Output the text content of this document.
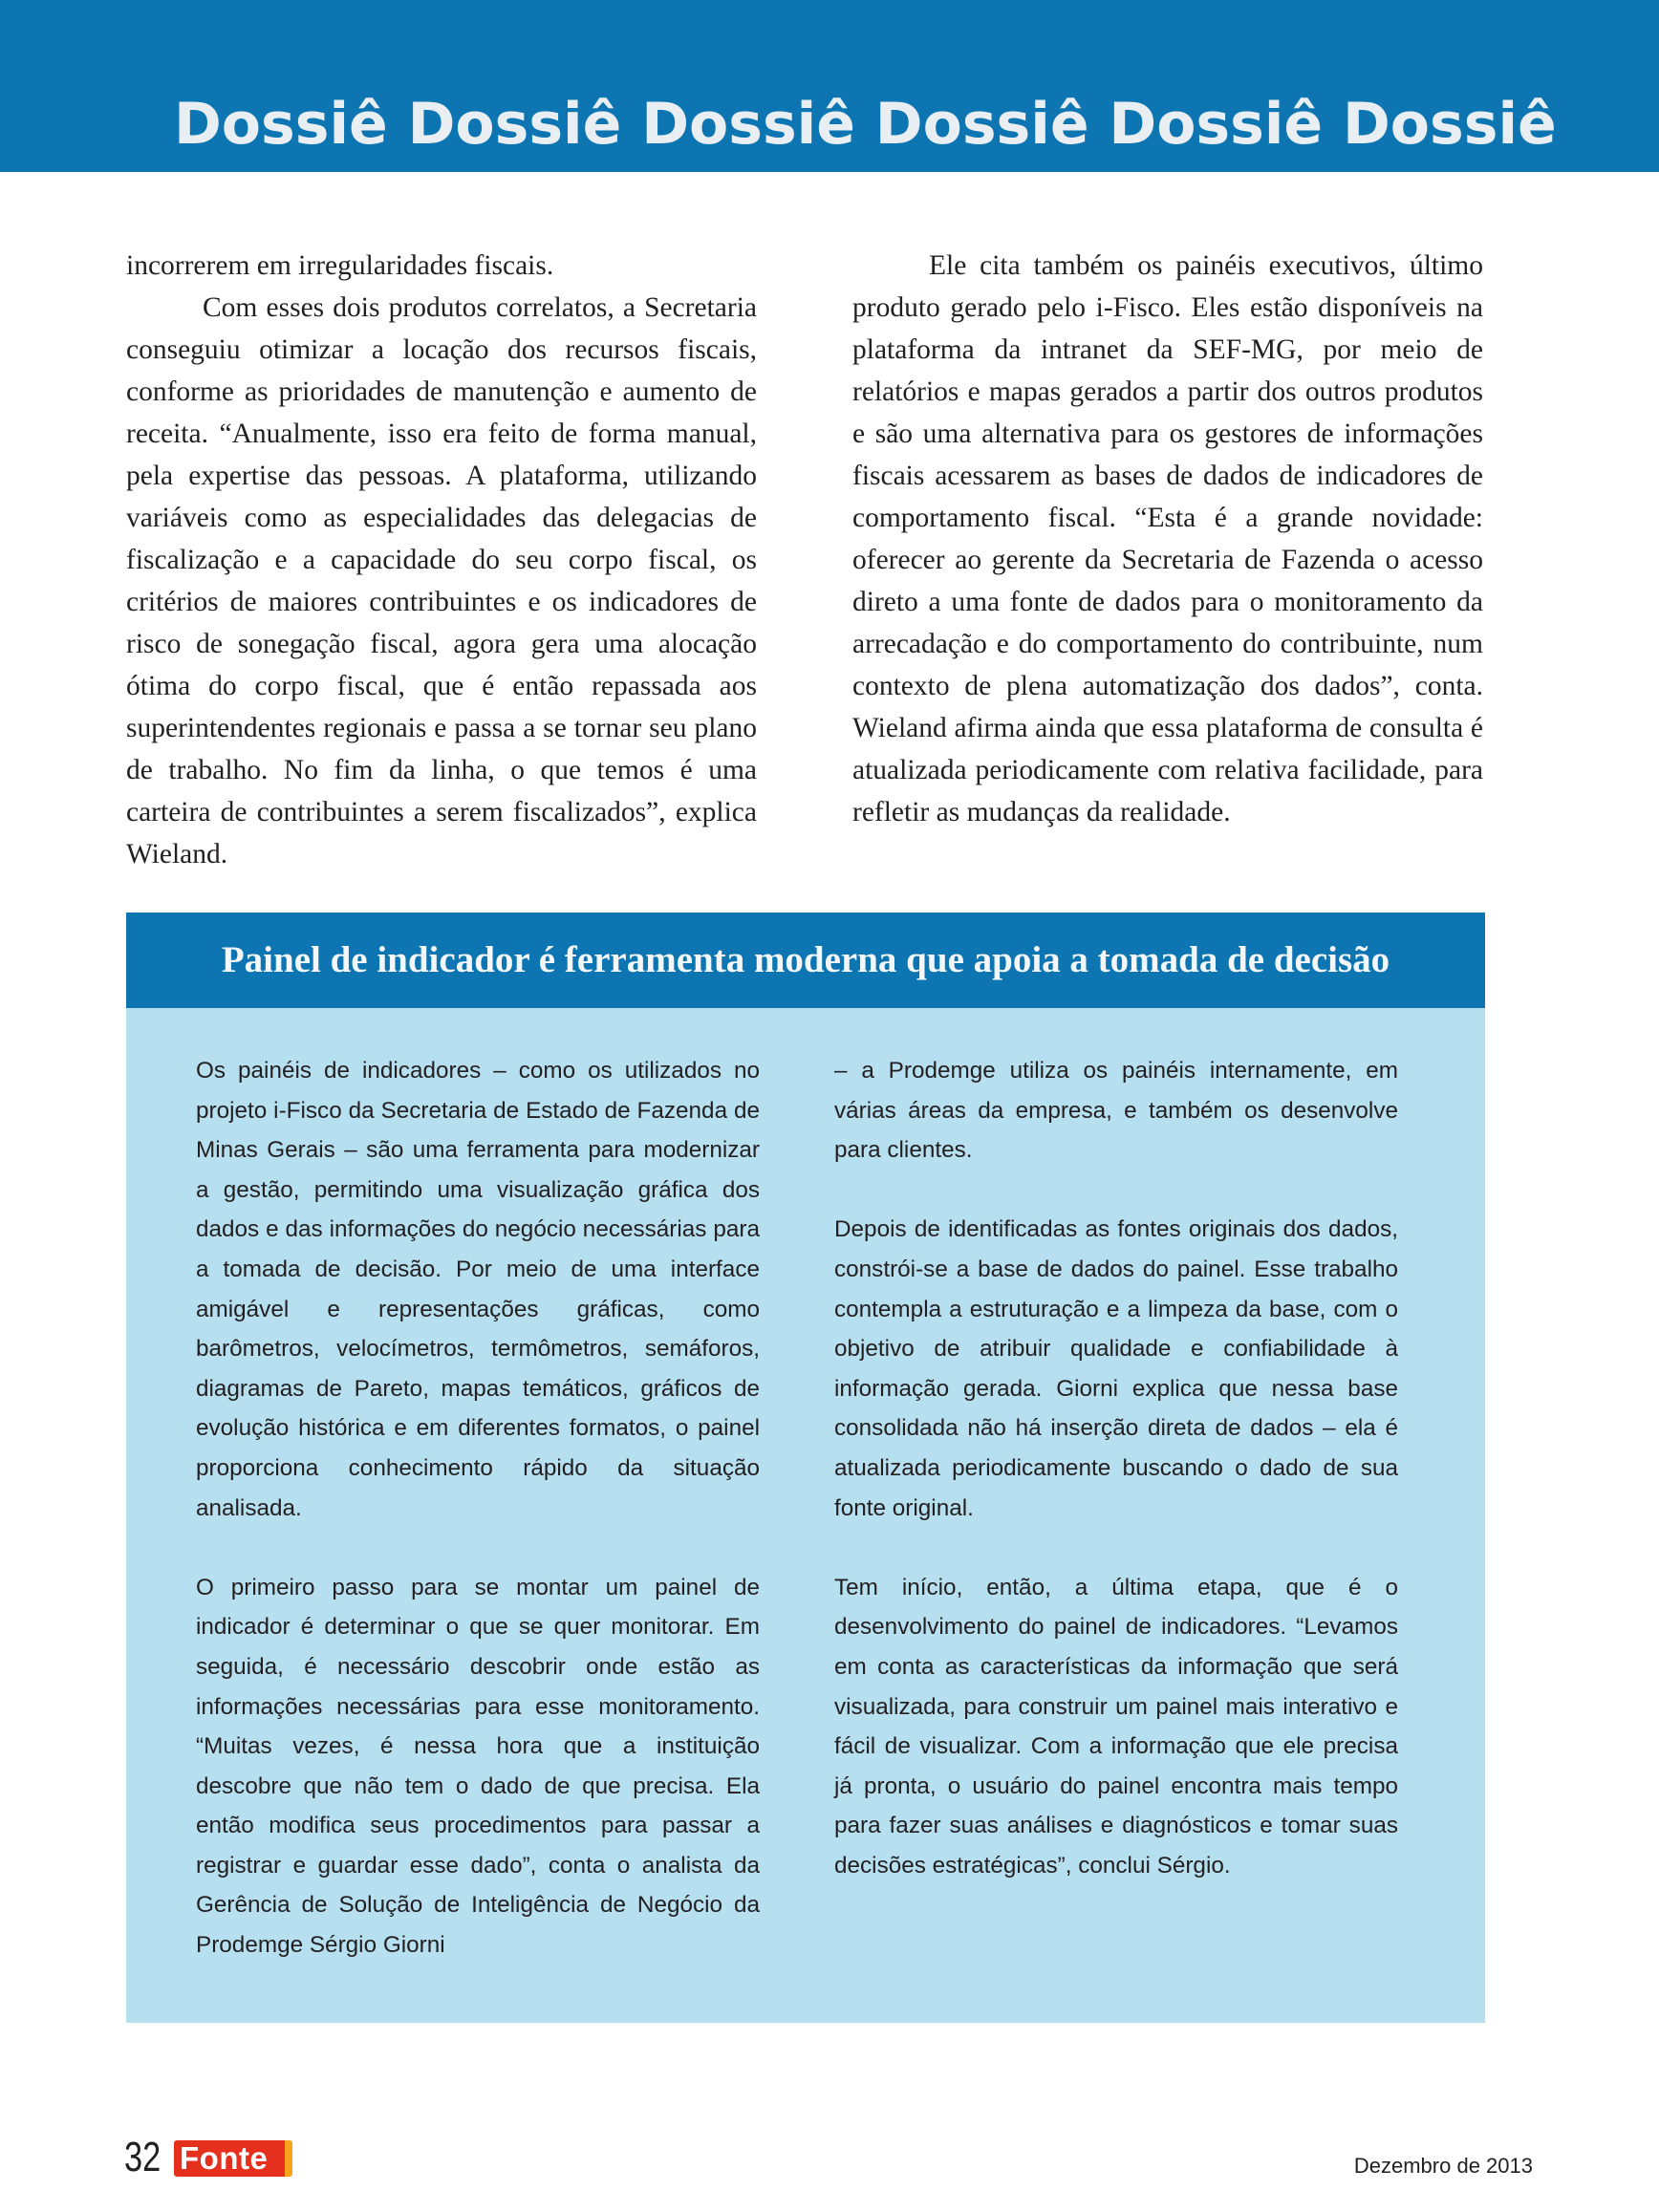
Dossiê Dossiê Dossiê Dossiê Dossiê Dossiê

incorrerem em irregularidades fiscais.

Com esses dois produtos correlatos, a Secretaria conseguiu otimizar a locação dos recursos fiscais, conforme as prioridades de manutenção e aumento de receita. “Anualmente, isso era feito de forma manual, pela expertise das pessoas. A plataforma, utilizando variáveis como as especialidades das delegacias de fiscalização e a capacidade do seu corpo fiscal, os critérios de maiores contribuintes e os indicadores de risco de sonegação fiscal, agora gera uma alocação ótima do corpo fiscal, que é então repassada aos superintendentes regionais e passa a se tornar seu plano de trabalho. No fim da linha, o que temos é uma carteira de contribuintes a serem fiscalizados”, explica Wieland.

Ele cita também os painéis executivos, último produto gerado pelo i-Fisco. Eles estão disponíveis na plataforma da intranet da SEF-MG, por meio de relatórios e mapas gerados a partir dos outros produtos e são uma alternativa para os gestores de informações fiscais acessarem as bases de dados de indicadores de comportamento fiscal. “Esta é a grande novidade: oferecer ao gerente da Secretaria de Fazenda o acesso direto a uma fonte de dados para o monitoramento da arrecadação e do comportamento do contribuinte, num contexto de plena automatização dos dados”, conta. Wieland afirma ainda que essa plataforma de consulta é atualizada periodicamente com relativa facilidade, para refletir as mudanças da realidade.

Painel de indicador é ferramenta moderna que apoia a tomada de decisão

Os painéis de indicadores – como os utilizados no projeto i-Fisco da Secretaria de Estado de Fazenda de Minas Gerais – são uma ferramenta para modernizar a gestão, permitindo uma visualização gráfica dos dados e das informações do negócio necessárias para a tomada de decisão. Por meio de uma interface amigável e representações gráficas, como barômetros, velocímetros, termômetros, semáforos, diagramas de Pareto, mapas temáticos, gráficos de evolução histórica e em diferentes formatos, o painel proporciona conhecimento rápido da situação analisada.

O primeiro passo para se montar um painel de indicador é determinar o que se quer monitorar. Em seguida, é necessário descobrir onde estão as informações necessárias para esse monitoramento. “Muitas vezes, é nessa hora que a instituição descobre que não tem o dado de que precisa. Ela então modifica seus procedimentos para passar a registrar e guardar esse dado”, conta o analista da Gerência de Solução de Inteligência de Negócio da Prodemge Sérgio Giorni

– a Prodemge utiliza os painéis internamente, em várias áreas da empresa, e também os desenvolve para clientes.

Depois de identificadas as fontes originais dos dados, constrói-se a base de dados do painel. Esse trabalho contempla a estruturação e a limpeza da base, com o objetivo de atribuir qualidade e confiabilidade à informação gerada. Giorni explica que nessa base consolidada não há inserção direta de dados – ela é atualizada periodicamente buscando o dado de sua fonte original.

Tem início, então, a última etapa, que é o desenvolvimento do painel de indicadores. “Levamos em conta as características da informação que será visualizada, para construir um painel mais interativo e fácil de visualizar. Com a informação que ele precisa já pronta, o usuário do painel encontra mais tempo para fazer suas análises e diagnósticos e tomar suas decisões estratégicas”, conclui Sérgio.

32 Fonte	Dezembro de 2013
